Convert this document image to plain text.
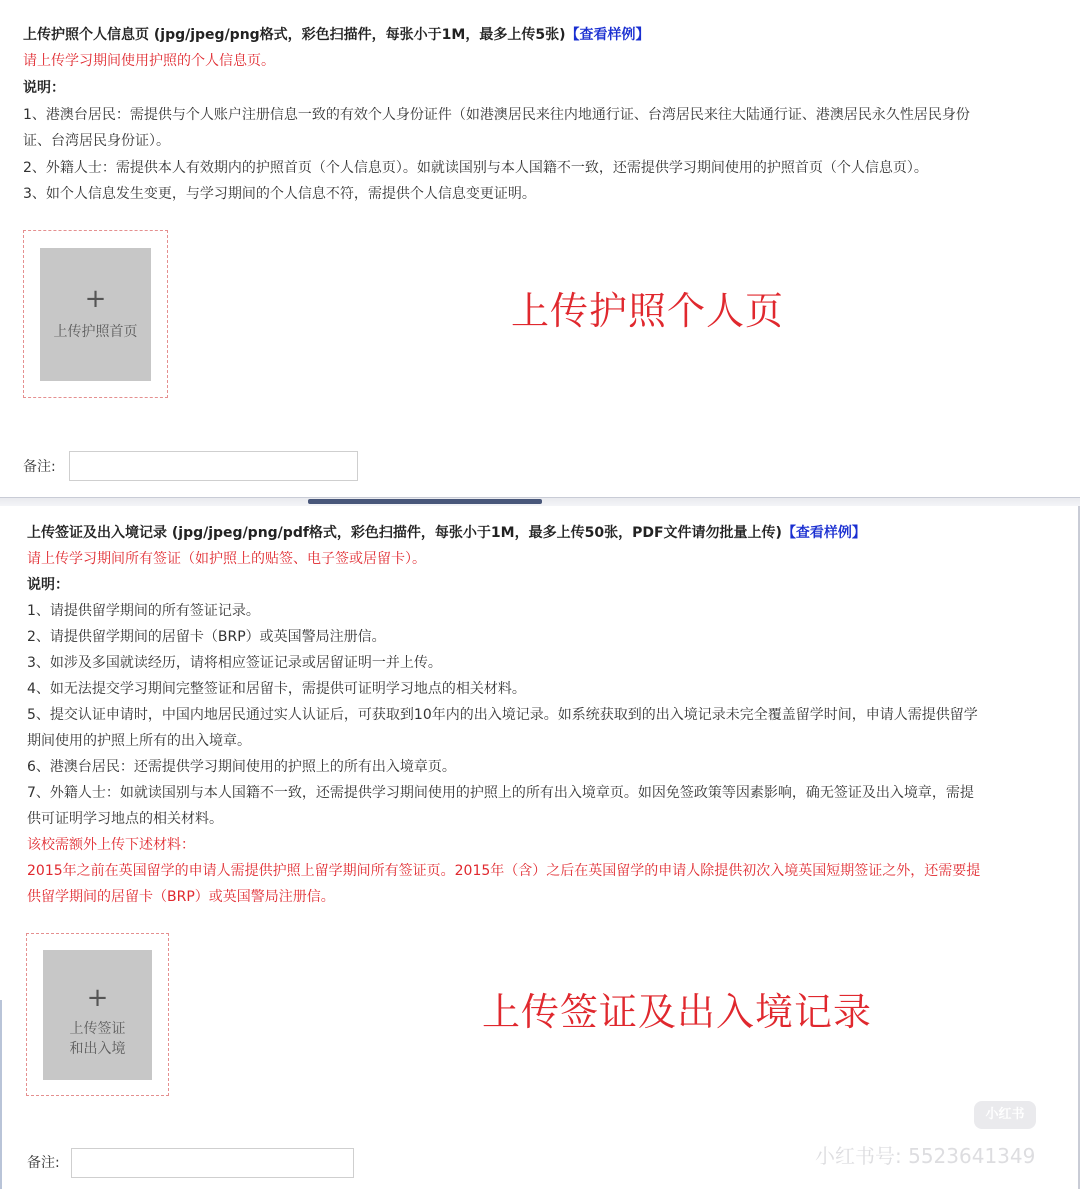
上传护照个人信息页 (jpg/jpeg/png格式，彩色扫描件，每张小于1M，最多上传5张)【查看样例】
请上传学习期间使用护照的个人信息页。
说明：
1、港澳台居民：需提供与个人账户注册信息一致的有效个人身份证件（如港澳居民来往内地通行证、台湾居民来往大陆通行证、港澳居民永久性居民身份
证、台湾居民身份证）。
2、外籍人士：需提供本人有效期内的护照首页（个人信息页）。如就读国别与本人国籍不一致，还需提供学习期间使用的护照首页（个人信息页）。
3、如个人信息发生变更，与学习期间的个人信息不符，需提供个人信息变更证明。
+
上传护照首页	上传护照个人页
备注:
上传签证及出入境记录 (jpg/jpeg/png/pdf格式，彩色扫描件，每张小于1M，最多上传50张，PDF文件请勿批量上传)【查看样例】
请上传学习期间所有签证（如护照上的贴签、电子签或居留卡）。
说明：
1、请提供留学期间的所有签证记录。
2、请提供留学期间的居留卡（BRP）或英国警局注册信。
3、如涉及多国就读经历，请将相应签证记录或居留证明一并上传。
4、如无法提交学习期间完整签证和居留卡，需提供可证明学习地点的相关材料。
5、提交认证申请时，中国内地居民通过实人认证后，可获取到10年内的出入境记录。如系统获取到的出入境记录未完全覆盖留学时间，申请人需提供留学
期间使用的护照上所有的出入境章。
6、港澳台居民：还需提供学习期间使用的护照上的所有出入境章页。
7、外籍人士：如就读国别与本人国籍不一致，还需提供学习期间使用的护照上的所有出入境章页。如因免签政策等因素影响，确无签证及出入境章，需提
供可证明学习地点的相关材料。
该校需额外上传下述材料：
2015年之前在英国留学的申请人需提供护照上留学期间所有签证页。2015年（含）之后在英国留学的申请人除提供初次入境英国短期签证之外，还需要提
供留学期间的居留卡（BRP）或英国警局注册信。
+
上传签证
和出入境
上传签证及出入境记录
备注:
小红书
小红书号: 5523641349
